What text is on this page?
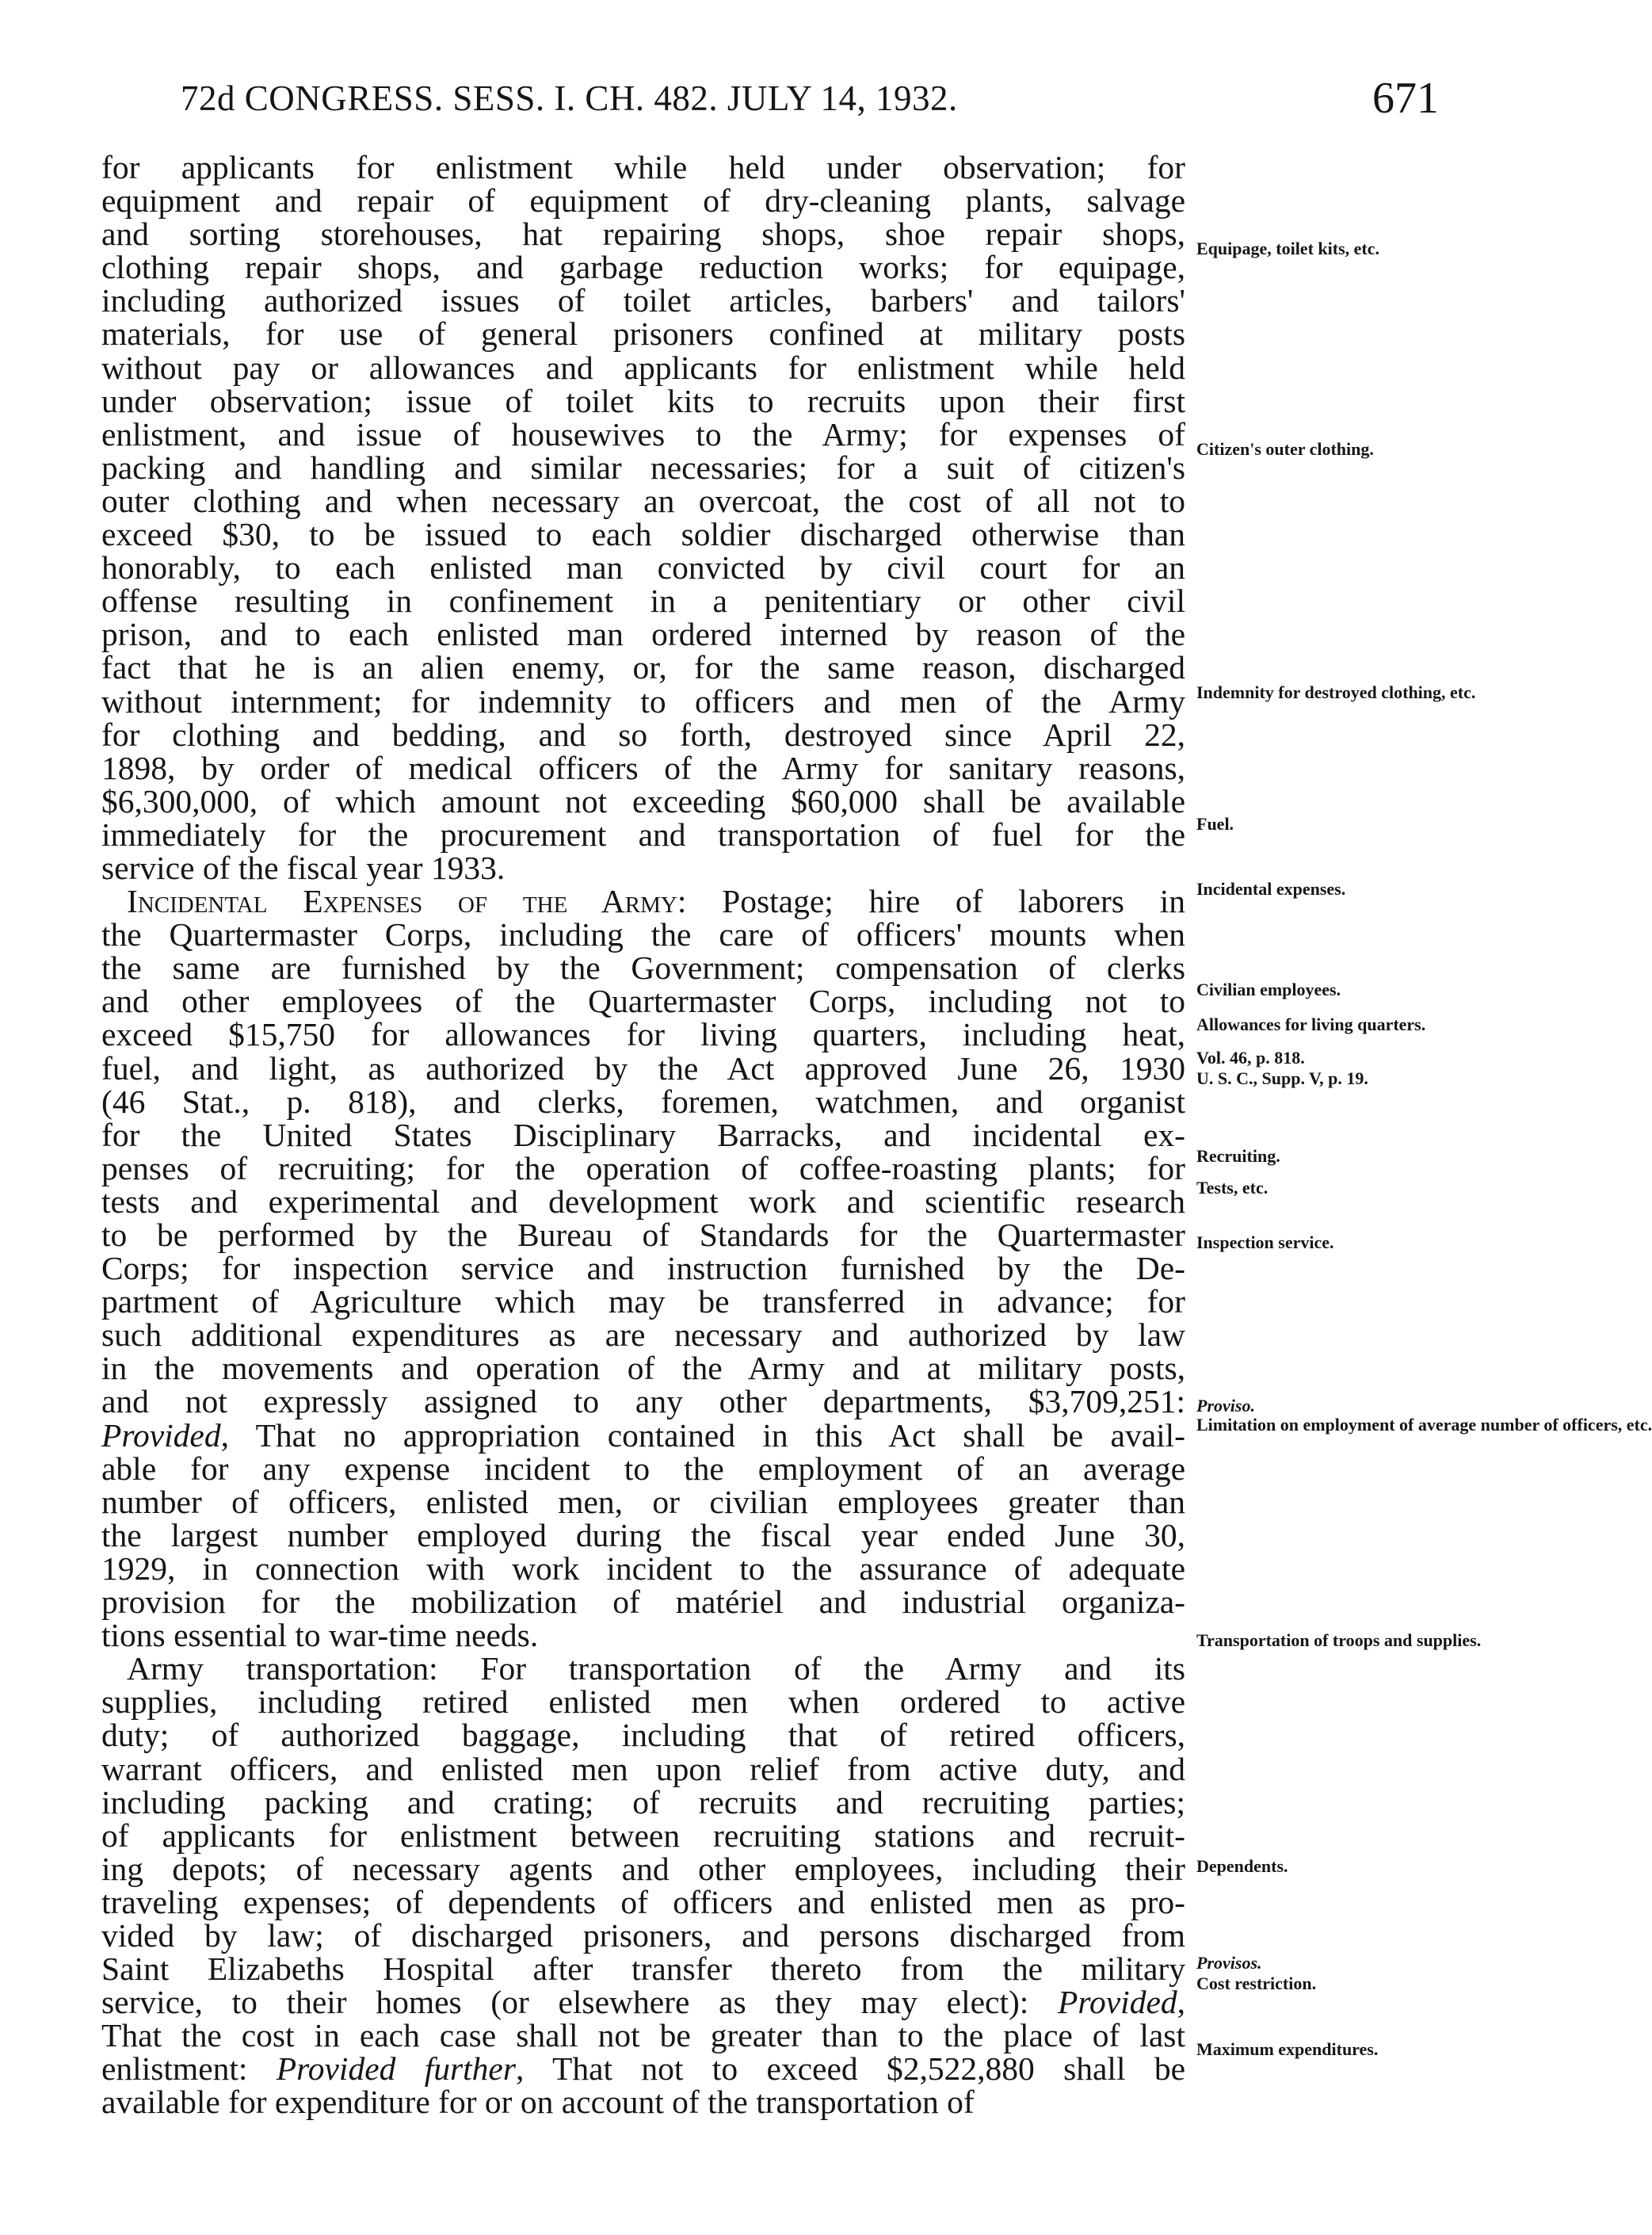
72d CONGRESS. SESS. I. CH. 482. JULY 14, 1932.	671
for applicants for enlistment while held under observation; for
equipment and repair of equipment of dry-cleaning plants, salvage
and sorting storehouses, hat repairing shops, shoe repair shops,
clothing repair shops, and garbage reduction works; for equipage,
including authorized issues of toilet articles, barbers' and tailors'
materials, for use of general prisoners confined at military posts
without pay or allowances and applicants for enlistment while held
under observation; issue of toilet kits to recruits upon their first
enlistment, and issue of housewives to the Army; for expenses of
packing and handling and similar necessaries; for a suit of citizen's
outer clothing and when necessary an overcoat, the cost of all not to
exceed $30, to be issued to each soldier discharged otherwise than
honorably, to each enlisted man convicted by civil court for an
offense resulting in confinement in a penitentiary or other civil
prison, and to each enlisted man ordered interned by reason of the
fact that he is an alien enemy, or, for the same reason, discharged
without internment; for indemnity to officers and men of the Army
for clothing and bedding, and so forth, destroyed since April 22,
1898, by order of medical officers of the Army for sanitary reasons,
$6,300,000, of which amount not exceeding $60,000 shall be available
immediately for the procurement and transportation of fuel for the
service of the fiscal year 1933.
Incidental Expenses of the Army: Postage; hire of laborers in
the Quartermaster Corps, including the care of officers' mounts when
the same are furnished by the Government; compensation of clerks
and other employees of the Quartermaster Corps, including not to
exceed $15,750 for allowances for living quarters, including heat,
fuel, and light, as authorized by the Act approved June 26, 1930
(46 Stat., p. 818), and clerks, foremen, watchmen, and organist
for the United States Disciplinary Barracks, and incidental ex-
penses of recruiting; for the operation of coffee-roasting plants; for
tests and experimental and development work and scientific research
to be performed by the Bureau of Standards for the Quartermaster
Corps; for inspection service and instruction furnished by the De-
partment of Agriculture which may be transferred in advance; for
such additional expenditures as are necessary and authorized by law
in the movements and operation of the Army and at military posts,
and not expressly assigned to any other departments, $3,709,251:
Provided, That no appropriation contained in this Act shall be avail-
able for any expense incident to the employment of an average
number of officers, enlisted men, or civilian employees greater than
the largest number employed during the fiscal year ended June 30,
1929, in connection with work incident to the assurance of adequate
provision for the mobilization of matériel and industrial organiza-
tions essential to war-time needs.
Army transportation: For transportation of the Army and its
supplies, including retired enlisted men when ordered to active
duty; of authorized baggage, including that of retired officers,
warrant officers, and enlisted men upon relief from active duty, and
including packing and crating; of recruits and recruiting parties;
of applicants for enlistment between recruiting stations and recruit-
ing depots; of necessary agents and other employees, including their
traveling expenses; of dependents of officers and enlisted men as pro-
vided by law; of discharged prisoners, and persons discharged from
Saint Elizabeths Hospital after transfer thereto from the military
service, to their homes (or elsewhere as they may elect): Provided,
That the cost in each case shall not be greater than to the place of last
enlistment: Provided further, That not to exceed $2,522,880 shall be
available for expenditure for or on account of the transportation of
Equipage, toilet kits, etc.
Citizen's outer clothing.
Indemnity for destroyed clothing, etc.
Fuel.
Incidental expenses.
Civilian employees.
Allowances for living quarters.
Vol. 46, p. 818.
U. S. C., Supp. V, p. 19.
Recruiting.
Tests, etc.
Inspection service.
Proviso.
Limitation on employment of average number of officers, etc.
Transportation of troops and supplies.
Dependents.
Provisos.
Cost restriction.
Maximum expenditures.
